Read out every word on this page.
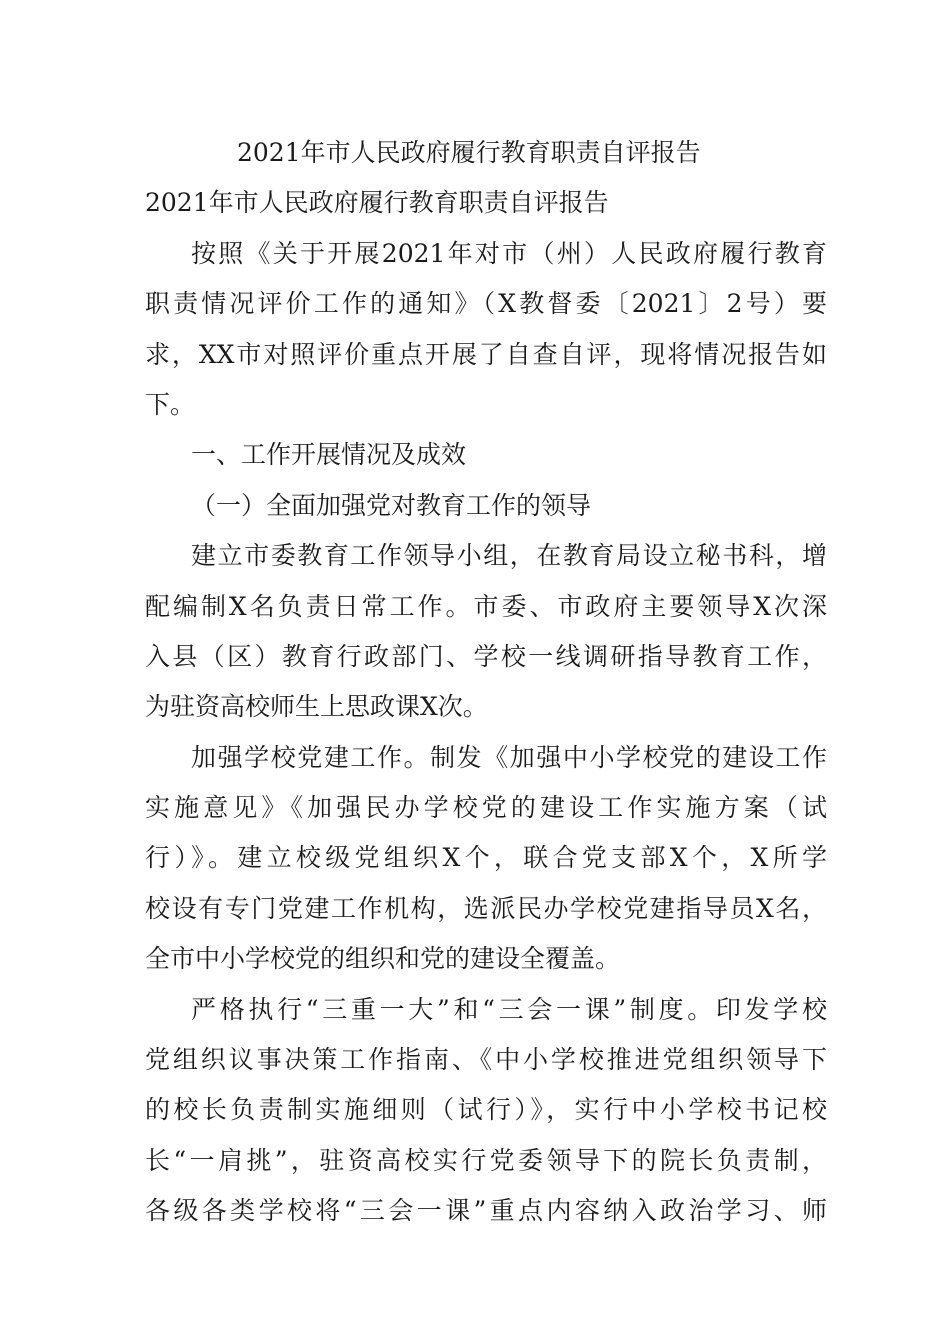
2021年市人民政府履行教育职责自评报告
2021年市人民政府履行教育职责自评报告
按照《关于开展2021年对市（州）人民政府履行教育
职责情况评价工作的通知》（X教督委〔2021〕2号）要
求，XX市对照评价重点开展了自查自评，现将情况报告如
下。
一、工作开展情况及成效
（一）全面加强党对教育工作的领导
建立市委教育工作领导小组，在教育局设立秘书科，增
配编制X名负责日常工作。市委、市政府主要领导X次深
入县（区）教育行政部门、学校一线调研指导教育工作，
为驻资高校师生上思政课X次。
加强学校党建工作。制发《加强中小学校党的建设工作
实施意见》《加强民办学校党的建设工作实施方案（试
行）》。建立校级党组织X个，联合党支部X个，X所学
校设有专门党建工作机构，选派民办学校党建指导员X名，
全市中小学校党的组织和党的建设全覆盖。
严格执行“三重一大”和“三会一课”制度。印发学校
党组织议事决策工作指南、《中小学校推进党组织领导下
的校长负责制实施细则（试行）》，实行中小学校书记校
长“一肩挑”，驻资高校实行党委领导下的院长负责制，
各级各类学校将“三会一课”重点内容纳入政治学习、师
